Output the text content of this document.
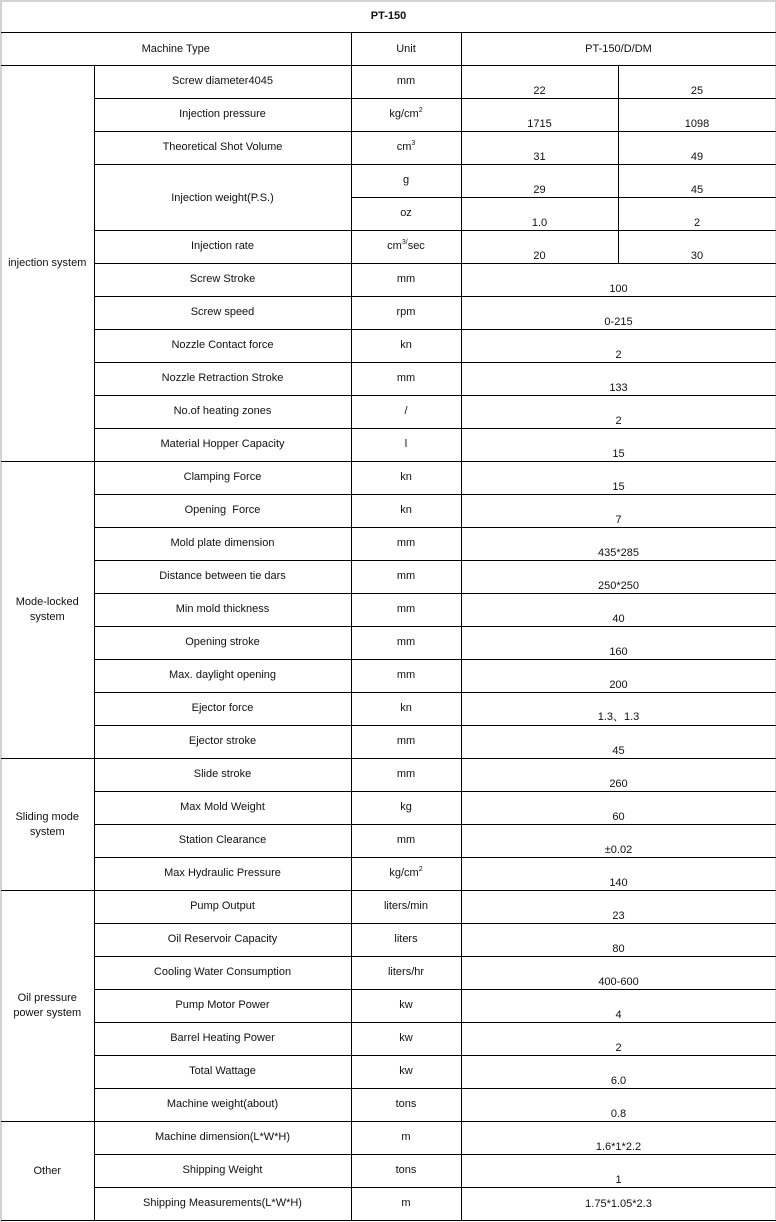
PT-150				
Machine Type		Unit	PT-150/D/DM	
injection system	Screw diameter4045	mm	22	25
	Injection pressure	$kg/cm^2$	1715	1098
	Theoretical Shot Volume	$cm^3$	31	49
	Injection weight(P.S.)	g	29	45
		oz	1.0	2
	Injection rate	$cm^{3/}\sec$	20	30
	Screw Stroke	mm	100	
	Screw speed	rpm	0-215	
	Nozzle Contact force	kn	2	
	Nozzle Retraction Stroke	mm	133	
	No.of heating zones	/	2	
	Material Hopper Capacity	l	15	
Mode-locked system	Clamping Force	kn	15	
	Opening  Force	kn	7	
	Mold plate dimension	mm	435*285	
	Distance between tie dars	mm	250*250	
	Min mold thickness	mm	40	
	Opening stroke	mm	160	
	Max. daylight opening	mm	200	
	Ejector force	kn	1.3、1.3	
	Ejector stroke	mm	45	
Sliding mode system	Slide stroke	mm	260	
	Max Mold Weight	kg	60	
	Station Clearance	mm	±0.02	
	Max Hydraulic Pressure	$kg/cm^2$	140	
Oil pressure power system	Pump Output	liters/min	23	
	Oil Reservoir Capacity	liters	80	
	Cooling Water Consumption	liters/hr	400-600	
	Pump Motor Power	kw	4	
	Barrel Heating Power	kw	2	
	Total Wattage	kw	6.0	
	Machine weight(about)	tons	0.8	
Other	Machine dimension(L*W*H)	m	1.6*1*2.2	
	Shipping Weight	tons	1	
	Shipping Measurements(L*W*H)	m	1.75*1.05*2.3	
